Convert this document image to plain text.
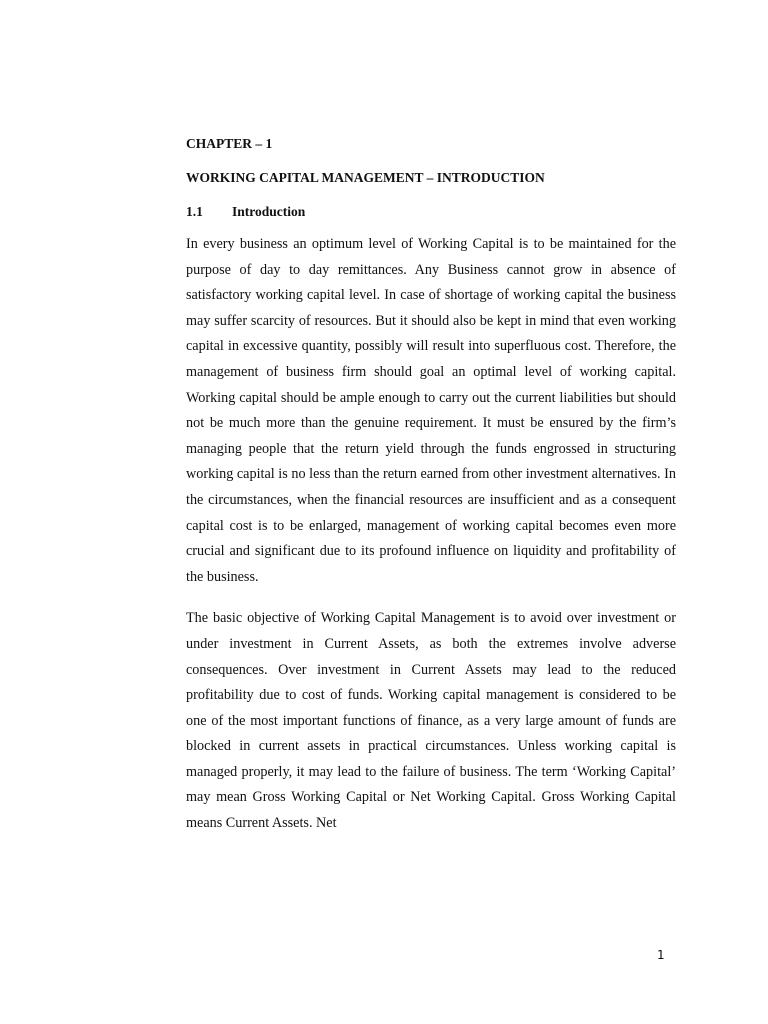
CHAPTER – 1
WORKING CAPITAL MANAGEMENT – INTRODUCTION
1.1 Introduction

In every business an optimum level of Working Capital is to be maintained for the purpose of day to day remittances. Any Business cannot grow in absence of satisfactory working capital level. In case of shortage of working capital the business may suffer scarcity of resources. But it should also be kept in mind that even working capital in excessive quantity, possibly will result into superfluous cost. Therefore, the management of business firm should goal an optimal level of working capital. Working capital should be ample enough to carry out the current liabilities but should not be much more than the genuine requirement. It must be ensured by the firm’s managing people that the return yield through the funds engrossed in structuring working capital is no less than the return earned from other investment alternatives. In the circumstances, when the financial resources are insufficient and as a consequent capital cost is to be enlarged, management of working capital becomes even more crucial and significant due to its profound influence on liquidity and profitability of the business.

The basic objective of Working Capital Management is to avoid over investment or under investment in Current Assets, as both the extremes involve adverse consequences. Over investment in Current Assets may lead to the reduced profitability due to cost of funds. Working capital management is considered to be one of the most important functions of finance, as a very large amount of funds are blocked in current assets in practical circumstances. Unless working capital is managed properly, it may lead to the failure of business. The term ‘Working Capital’ may mean Gross Working Capital or Net Working Capital. Gross Working Capital means Current Assets. Net

1
